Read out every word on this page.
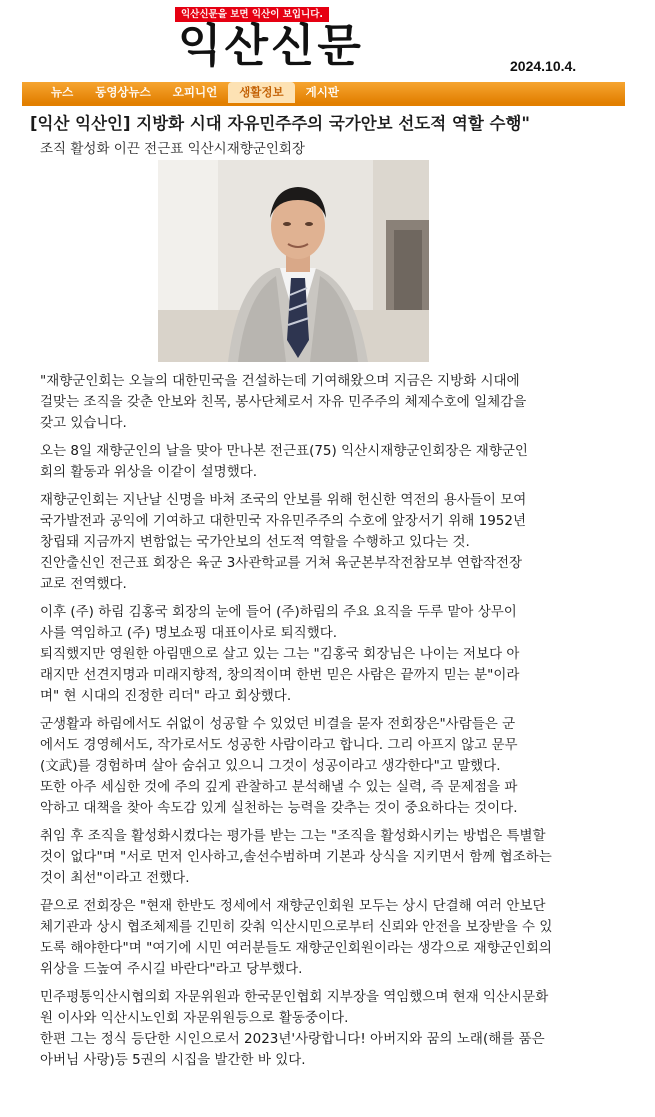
익산신문을 보면 익산이 보입니다.
익산신문	2024.10.4.
뉴스	동영상뉴스	오피니언	생활정보	게시판
[익산 익산인] 지방화 시대 자유민주주의 국가안보 선도적 역할 수행"
조직 활성화 이끈 전근표 익산시재향군인회장

"재향군인회는 오늘의 대한민국을 건설하는데 기여해왔으며 지금은 지방화 시대에
걸맞는 조직을 갖춘 안보와 친목, 봉사단체로서 자유 민주주의 체제수호에 일체감을
갖고 있습니다.

오는 8일 재향군인의 날을 맞아 만나본 전근표(75) 익산시재향군인회장은 재향군인
회의 활동과 위상을 이같이 설명했다.

재향군인회는 지난날 신명을 바쳐 조국의 안보를 위해 헌신한 역전의 용사들이 모여
국가발전과 공익에 기여하고 대한민국 자유민주주의 수호에 앞장서기 위해 1952년
창립돼 지금까지 변함없는 국가안보의 선도적 역할을 수행하고 있다는 것.
진안출신인 전근표 회장은 육군 3사관학교를 거쳐 육군본부작전참모부 연합작전장
교로 전역했다.

이후 (주) 하림 김홍국 회장의 눈에 들어 (주)하림의 주요 요직을 두루 맡아 상무이
사를 역임하고 (주) 명보쇼핑 대표이사로 퇴직했다.
퇴직했지만 영원한 아림맨으로 살고 있는 그는 "김홍국 회장님은 나이는 저보다 아
래지만 선견지명과 미래지향적, 창의적이며 한번 믿은 사람은 끝까지 믿는 분"이라
며" 현 시대의 진정한 리더" 라고 회상했다.

군생활과 하림에서도 쉬없이 성공할 수 있었던 비결을 묻자 전회장은"사람들은 군
에서도 경영헤서도, 작가로서도 성공한 사람이라고 합니다. 그리 아프지 않고 문무
(文武)를 경험하며 살아 숨쉬고 있으니 그것이 성공이라고 생각한다"고 말했다.
또한 아주 세심한 것에 주의 깊게 관찰하고 분석해낼 수 있는 실력, 즉 문제점을 파
악하고 대책을 찾아 속도감 있게 실천하는 능력을 갖추는 것이 중요하다는 것이다.

취임 후 조직을 활성화시켰다는 평가를 받는 그는 "조직을 활성화시키는 방법은 특별할
것이 없다"며 "서로 먼저 인사하고,솔선수범하며 기본과 상식을 지키면서 함께 협조하는
것이 최선"이라고 전했다.

끝으로 전회장은 "현재 한반도 정세에서 재향군인회원 모두는 상시 단결해 여러 안보단
체기관과 상시 협조체제를 긴민히 갖춰 익산시민으로부터 신뢰와 안전을 보장받을 수 있
도록 해야한다"며 "여기에 시민 여러분들도 재향군인회원이라는 생각으로 재향군인회의
위상을 드높여 주시길 바란다"라고 당부했다.

민주평통익산시협의회 자문위원과 한국문인협회 지부장을 역임했으며 현재 익산시문화
원 이사와 익산시노인회 자문위원등으로 활동중이다.
한편 그는 정식 등단한 시인으로서 2023년'사랑합니다! 아버지와 꿈의 노래(해를 품은
아버님 사랑)등 5권의 시집을 발간한 바 있다.
